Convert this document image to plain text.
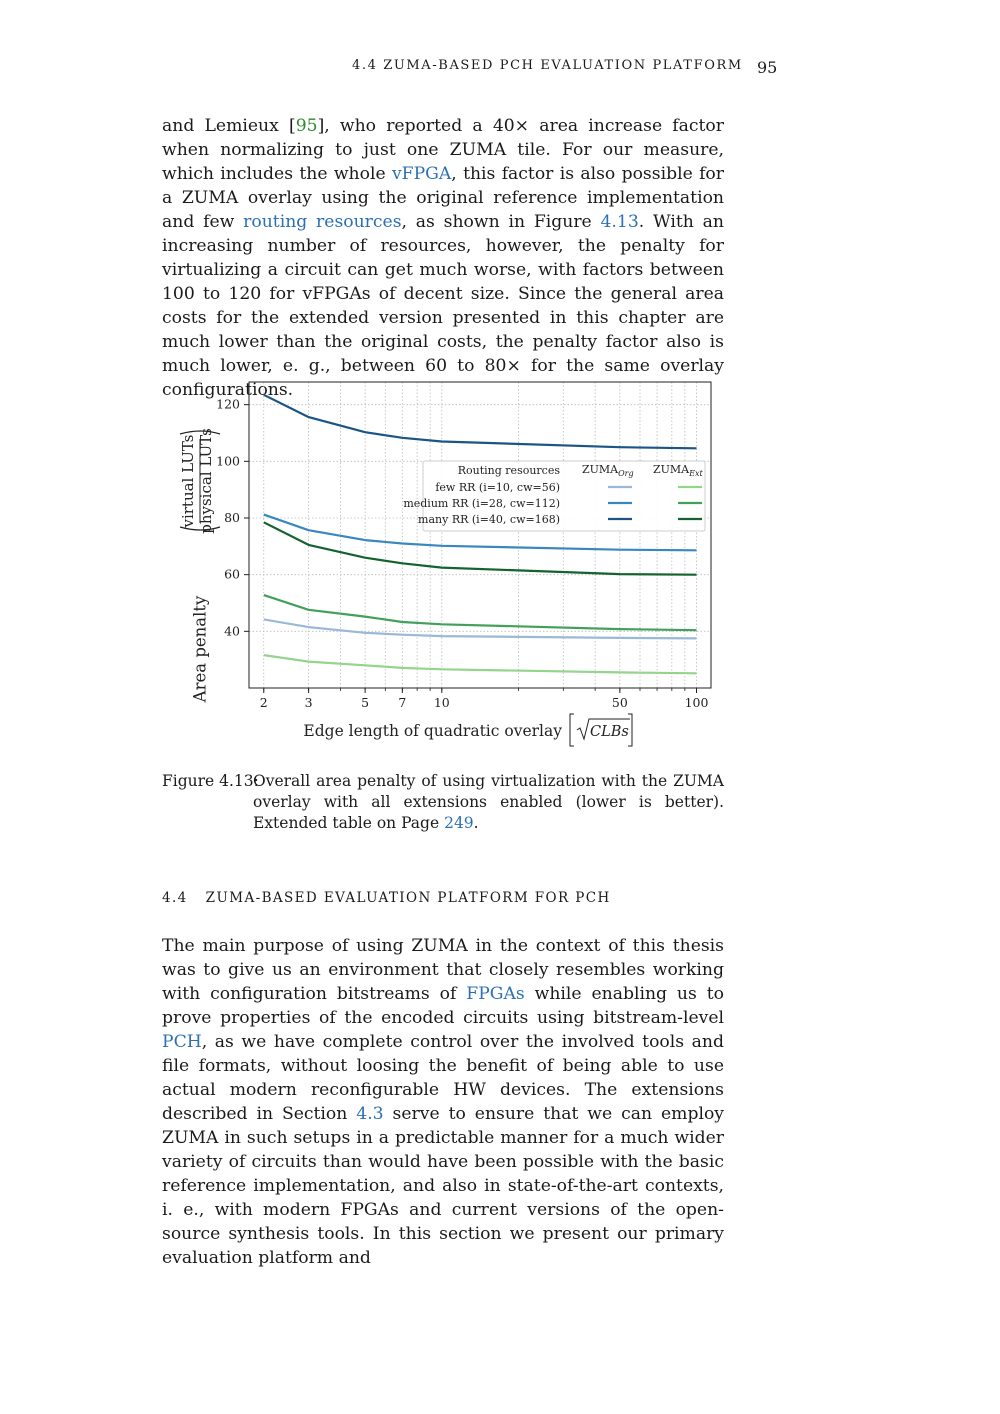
4.4 ZUMA-BASED PCH EVALUATION PLATFORM 95

and Lemieux [95], who reported a 40× area increase factor when normalizing to just one ZUMA tile. For our measure, which includes the whole vFPGA, this factor is also possible for a ZUMA overlay using the original reference implementation and few routing resources, as shown in Figure 4.13. With an increasing number of resources, however, the penalty for virtualizing a circuit can get much worse, with factors between 100 to 120 for vFPGAs of decent size. Since the general area costs for the extended version presented in this chapter are much lower than the original costs, the penalty factor also is much lower, e. g., between 60 to 80× for the same overlay configurations.

2	3	5 7 10	50	100
40
60
80
100
120
Area penalty
virtual LUTs physical LUTs
Edge length of quadratic overlay CLBs
Routing resources $ZUMA_{Org}$ $ZUMA_{Ext}$
few RR (i=10, cw=56)
medium RR (i=28, cw=112)
many RR (i=40, cw=168)
Figure 4.13:
Overall area penalty of using virtualization with the ZUMA overlay with all extensions enabled (lower is better). Extended table on Page 249.
4.4 ZUMA-BASED EVALUATION PLATFORM FOR PCH

The main purpose of using ZUMA in the context of this thesis was to give us an environment that closely resembles working with configuration bitstreams of FPGAs while enabling us to prove properties of the encoded circuits using bitstream-level PCH, as we have complete control over the involved tools and file formats, without loosing the benefit of being able to use actual modern reconfigurable HW devices. The extensions described in Section 4.3 serve to ensure that we can employ ZUMA in such setups in a predictable manner for a much wider variety of circuits than would have been possible with the basic reference implementation, and also in state-of-the-art contexts, i. e., with modern FPGAs and current versions of the open-source synthesis tools. In this section we present our primary evaluation platform and
